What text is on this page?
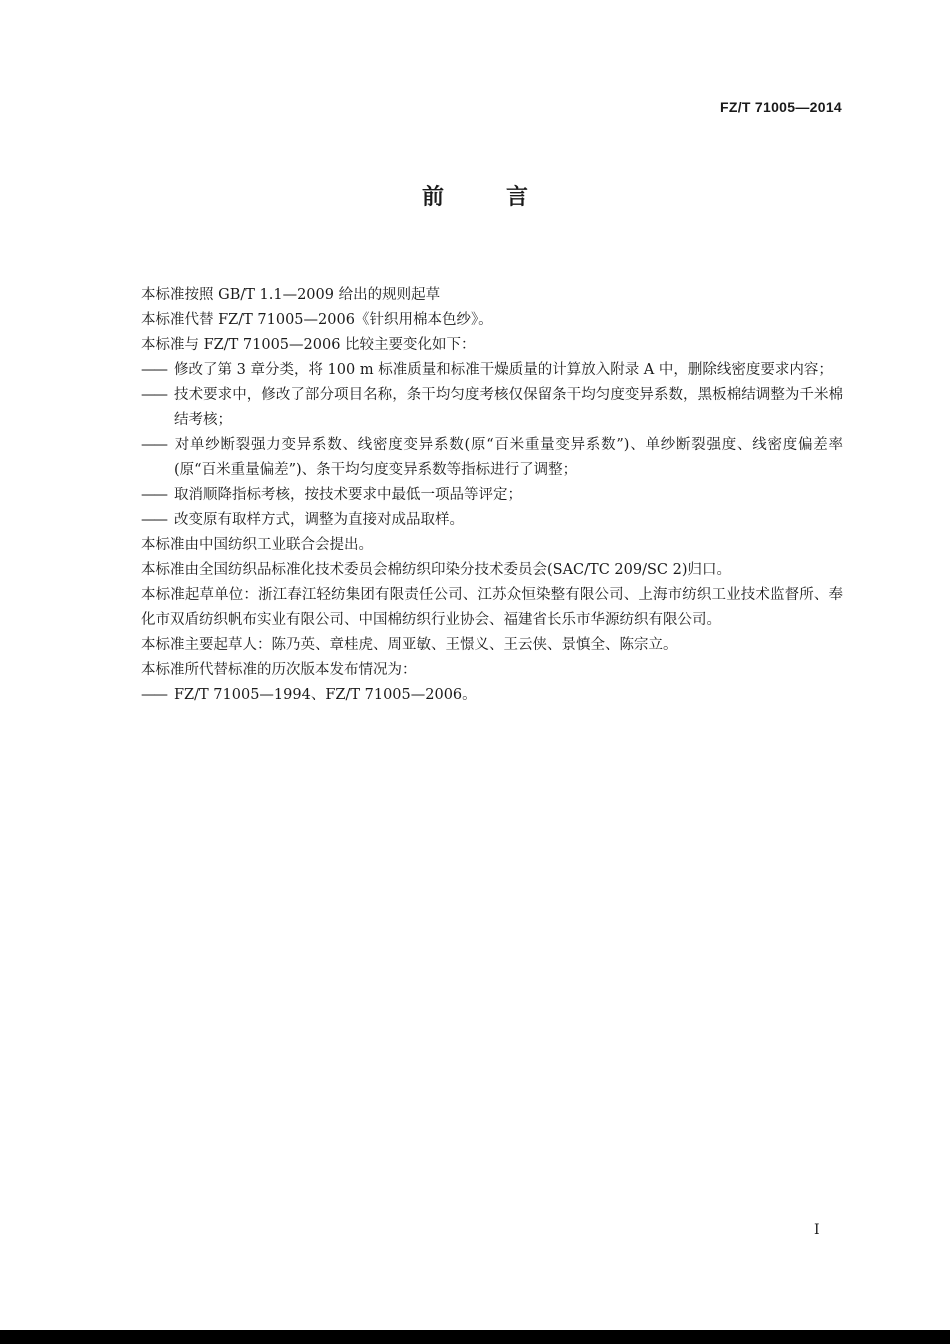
FZ/T 71005—2014
前言

本标准按照 GB/T 1.1—2009 给出的规则起草

本标准代替 FZ/T 71005—2006《针织用棉本色纱》。

本标准与 FZ/T 71005—2006 比较主要变化如下：

—— 修改了第 3 章分类，将 100 m 标准质量和标准干燥质量的计算放入附录 A 中，删除线密度要求内容；

—— 技术要求中，修改了部分项目名称，条干均匀度考核仅保留条干均匀度变异系数，黑板棉结调整为千米棉结考核；

—— 对单纱断裂强力变异系数、线密度变异系数(原“百米重量变异系数”)、单纱断裂强度、线密度偏差率(原“百米重量偏差”)、条干均匀度变异系数等指标进行了调整；

—— 取消顺降指标考核，按技术要求中最低一项品等评定；

—— 改变原有取样方式，调整为直接对成品取样。

本标准由中国纺织工业联合会提出。

本标准由全国纺织品标准化技术委员会棉纺织印染分技术委员会(SAC/TC 209/SC 2)归口。

本标准起草单位：浙江春江轻纺集团有限责任公司、江苏众恒染整有限公司、上海市纺织工业技术监督所、奉化市双盾纺织帆布实业有限公司、中国棉纺织行业协会、福建省长乐市华源纺织有限公司。

本标准主要起草人：陈乃英、章桂虎、周亚敏、王憬义、王云侠、景慎全、陈宗立。

本标准所代替标准的历次版本发布情况为：

—— FZ/T 71005—1994、FZ/T 71005—2006。

I
